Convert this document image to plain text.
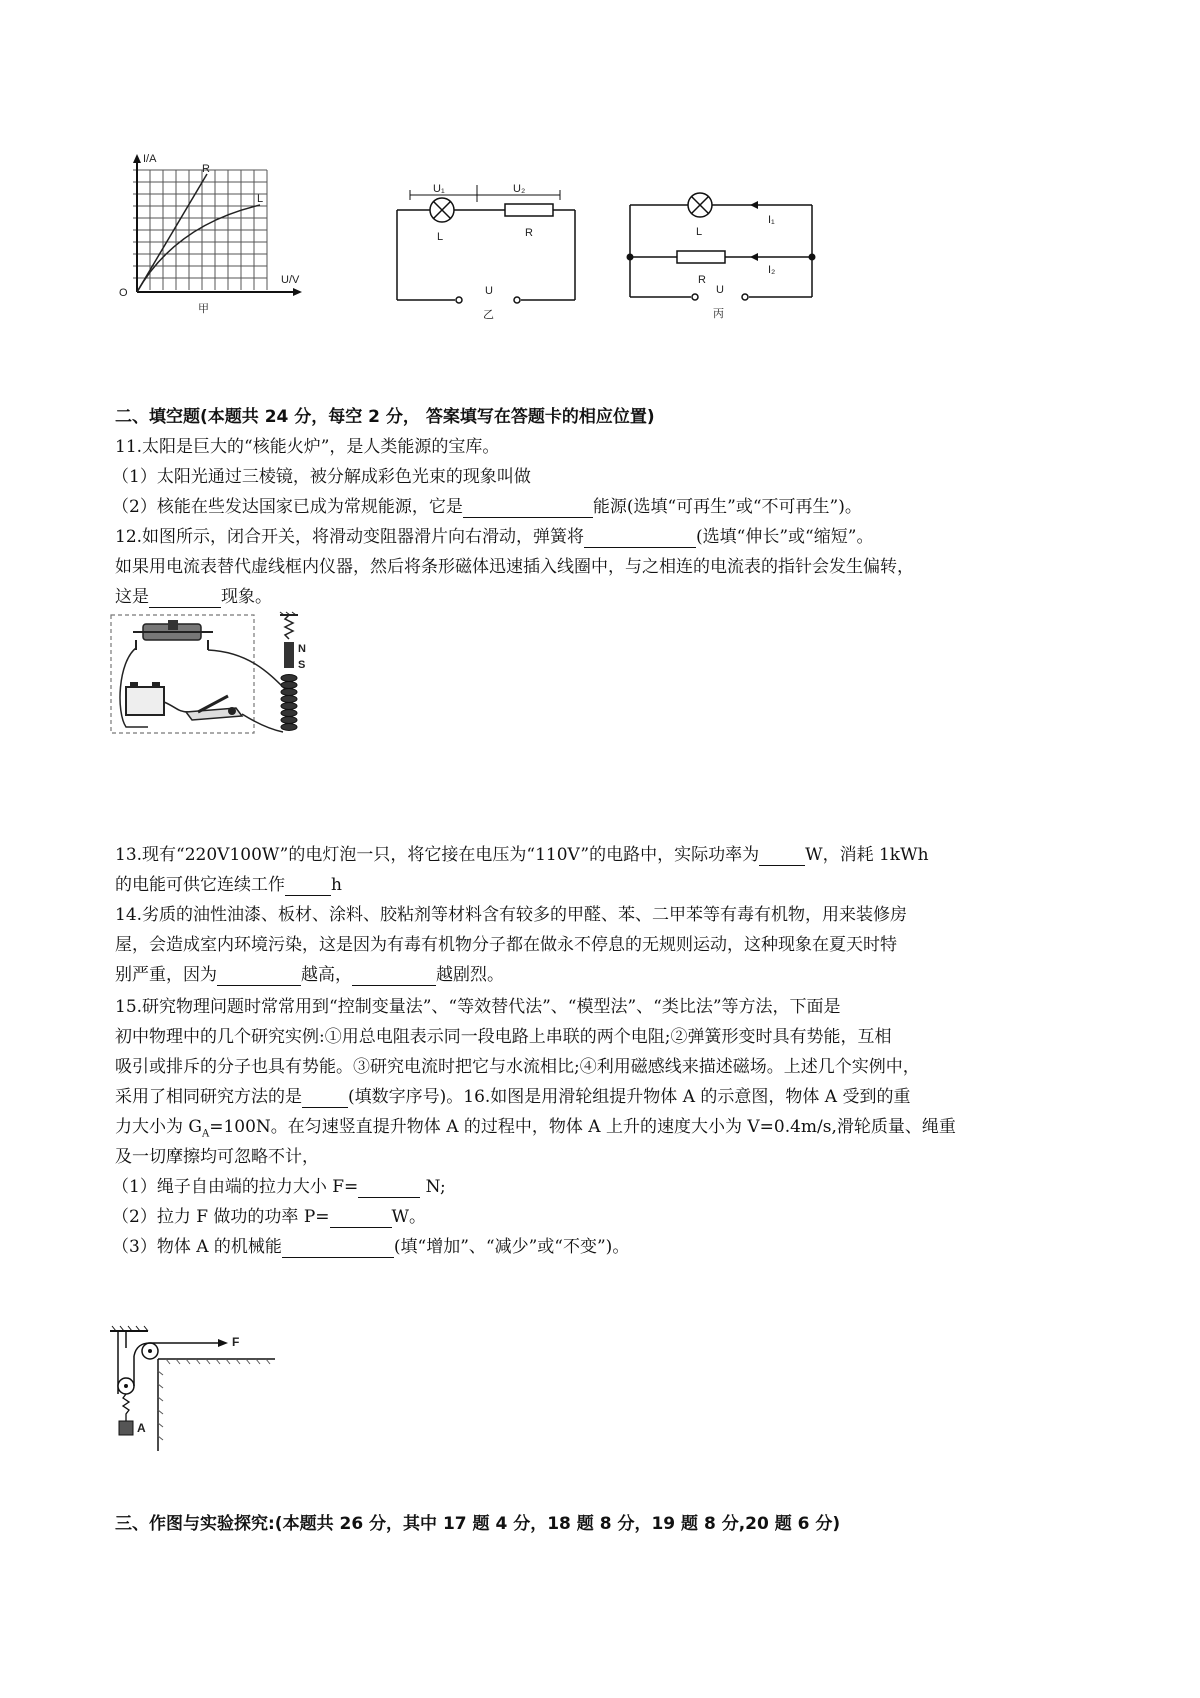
I/A
U/V
O
R
L
甲
U₁	U₂
L	R
U
乙
L
I₁
R
I₂
U
丙
二、填空题(本题共 24 分，每空 2 分， 答案填写在答题卡的相应位置)
11.太阳是巨大的“核能火炉”，是人类能源的宝库。
（1）太阳光通过三棱镜，被分解成彩色光束的现象叫做
（2）核能在些发达国家已成为常规能源，它是	能源(选填“可再生”或“不可再生”)。
12.如图所示，闭合开关，将滑动变阻器滑片向右滑动，弹簧将	(选填“伸长”或“缩短”。
如果用电流表替代虚线框内仪器，然后将条形磁体迅速插入线圈中，与之相连的电流表的指针会发生偏转，
这是	现象。
N
S
13.现有“220V100W”的电灯泡一只，将它接在电压为“110V”的电路中，实际功率为	W，消耗 1kWh
的电能可供它连续工作	h
14.劣质的油性油漆、板材、涂料、胶粘剂等材料含有较多的甲醛、苯、二甲苯等有毒有机物，用来装修房
屋，会造成室内环境污染，这是因为有毒有机物分子都在做永不停息的无规则运动，这种现象在夏天时特
别严重，因为	越高，	越剧烈。
15.研究物理问题时常常用到“控制变量法”、“等效替代法”、“模型法”、“类比法”等方法，下面是
初中物理中的几个研究实例:①用总电阻表示同一段电路上串联的两个电阻;②弹簧形变时具有势能，互相
吸引或排斥的分子也具有势能。③研究电流时把它与水流相比;④利用磁感线来描述磁场。上述几个实例中，
采用了相同研究方法的是	(填数字序号)。16.如图是用滑轮组提升物体 A 的示意图，物体 A 受到的重
力大小为 $G_A=100N$。在匀速竖直提升物体 A 的过程中，物体 A 上升的速度大小为 V=0.4m/s,滑轮质量、绳重
及一切摩擦均可忽略不计，
（1）绳子自由端的拉力大小 F=	N;
（2）拉力 F 做功的功率 P=	W。
（3）物体 A 的机械能	(填“增加”、“减少”或“不变”)。
F
A
三、作图与实验探究:(本题共 26 分，其中 17 题 4 分，18 题 8 分，19 题 8 分,20 题 6 分)
